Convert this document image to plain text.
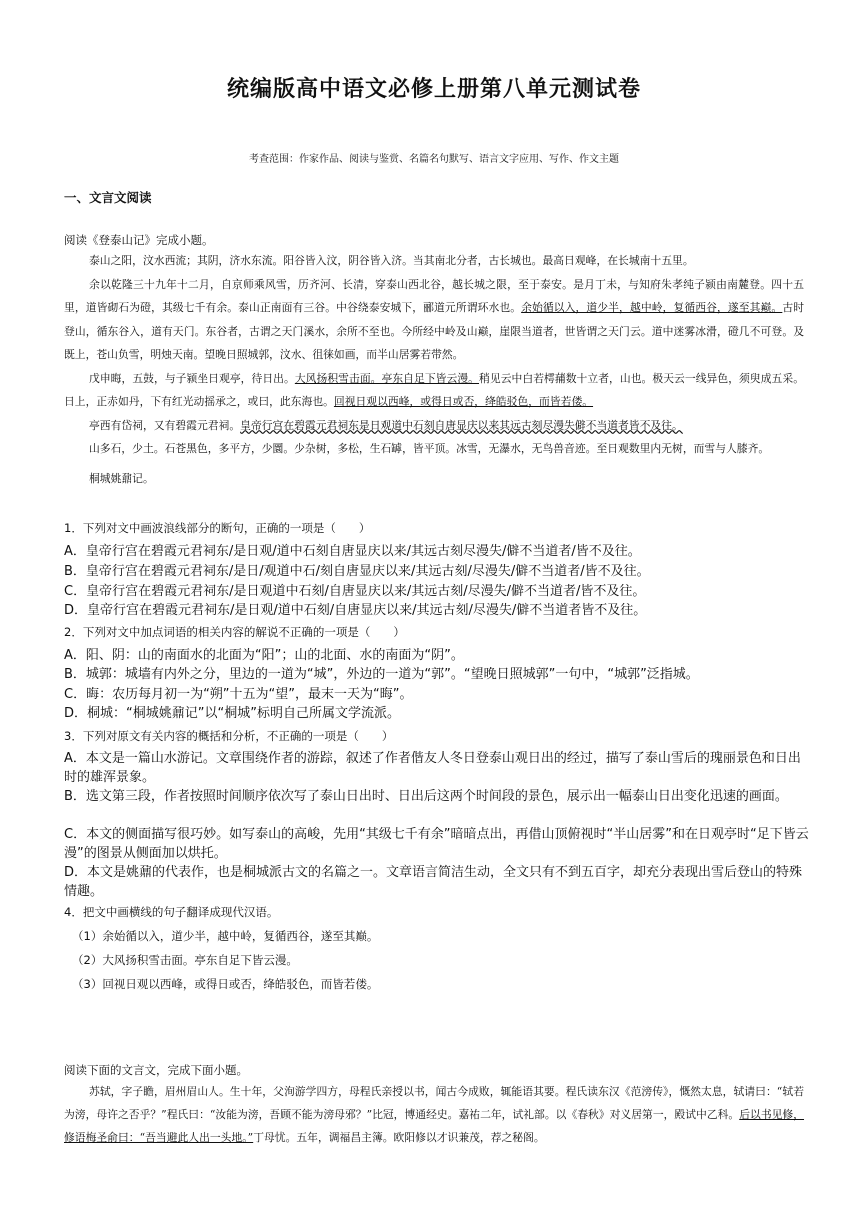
统编版高中语文必修上册第八单元测试卷
考查范围：作家作品、阅读与鉴赏、名篇名句默写、语言文字应用、写作、作文主题
一、文言文阅读
阅读《登泰山记》完成小题。

泰山之阳，汶水西流；其阴，济水东流。阳谷皆入汶，阴谷皆入济。当其南北分者，古长城也。最高日观峰，在长城南十五里。

余以乾隆三十九年十二月，自京师乘风雪，历齐河、长清，穿泰山西北谷，越长城之限，至于泰安。是月丁未，与知府朱孝纯子颍由南麓登。四十五里，道皆砌石为磴，其级七千有余。泰山正南面有三谷。中谷绕泰安城下，郦道元所谓环水也。余始循以入，道少半，越中岭，复循西谷，遂至其巅。古时登山，循东谷入，道有天门。东谷者，古谓之天门溪水，余所不至也。今所经中岭及山巅，崖限当道者，世皆谓之天门云。道中迷雾冰滑，磴几不可登。及既上，苍山负雪，明烛天南。望晚日照城郭，汶水、徂徕如画，而半山居雾若带然。

戊申晦，五鼓，与子颍坐日观亭，待日出。大风扬积雪击面。亭东自足下皆云漫。稍见云中白若樗蒱数十立者，山也。极天云一线异色，须臾成五采。日上，正赤如丹，下有红光动摇承之，或曰，此东海也。回视日观以西峰，或得日或否，绛皓驳色，而皆若偻。

亭西有岱祠，又有碧霞元君祠。皇帝行宫在碧霞元君祠东是日观道中石刻自唐显庆以来其远古刻尽漫失僻不当道者皆不及往。

山多石，少土。石苍黑色，多平方，少圜。少杂树，多松，生石罅，皆平顶。冰雪，无瀑水，无鸟兽音迹。至日观数里内无树，而雪与人膝齐。

桐城姚鼐记。

1．下列对文中画波浪线部分的断句，正确的一项是（　　）
A．皇帝行宫在碧霞元君祠东/是日观/道中石刻自唐显庆以来/其远古刻尽漫失/僻不当道者/皆不及往。
B．皇帝行宫在碧霞元君祠东/是日/观道中石/刻自唐显庆以来/其远古刻/尽漫失/僻不当道者/皆不及往。
C．皇帝行宫在碧霞元君祠东/是日观道中石刻/自唐显庆以来/其远古刻/尽漫失/僻不当道者/皆不及往。
D．皇帝行宫在碧霞元君祠东/是日观/道中石刻/自唐显庆以来/其远古刻/尽漫失/僻不当道者皆不及往。
2．下列对文中加点词语的相关内容的解说不正确的一项是（　　）
A．阳、阴：山的南面水的北面为“阳”；山的北面、水的南面为“阴”。
B．城郭：城墙有内外之分，里边的一道为“城”，外边的一道为“郭”。“望晚日照城郭”一句中，“城郭”泛指城。
C．晦：农历每月初一为“朔”十五为“望”，最末一天为“晦”。
D．桐城：“桐城姚鼐记”以“桐城”标明自己所属文学流派。
3．下列对原文有关内容的概括和分析，不正确的一项是（　　）
A．本文是一篇山水游记。文章围绕作者的游踪，叙述了作者偕友人冬日登泰山观日出的经过，描写了泰山雪后的瑰丽景色和日出时的雄浑景象。
B．选文第三段，作者按照时间顺序依次写了泰山日出时、日出后这两个时间段的景色，展示出一幅泰山日出变化迅速的画面。
C．本文的侧面描写很巧妙。如写泰山的高峻，先用“其级七千有余”暗暗点出，再借山顶俯视时“半山居雾”和在日观亭时“足下皆云漫”的图景从侧面加以烘托。
D．本文是姚鼐的代表作，也是桐城派古文的名篇之一。文章语言简洁生动，全文只有不到五百字，却充分表现出雪后登山的特殊情趣。
4．把文中画横线的句子翻译成现代汉语。
（1）余始循以入，道少半，越中岭，复循西谷，遂至其巅。
（2）大风扬积雪击面。亭东自足下皆云漫。
（3）回视日观以西峰，或得日或否，绛皓驳色，而皆若偻。
阅读下面的文言文，完成下面小题。

苏轼，字子瞻，眉州眉山人。生十年，父洵游学四方，母程氏亲授以书，闻古今成败，辄能语其要。程氏读东汉《范滂传》，慨然太息，轼请曰：“轼若为滂，母许之否乎？”程氏曰：“汝能为滂，吾顾不能为滂母邪？”比冠，博通经史。嘉祐二年，试礼部。以《春秋》对义居第一，殿试中乙科。后以书见修，修语梅圣俞曰：“吾当避此人出一头地。”丁母忧。五年，调福昌主簿。欧阳修以才识兼茂，荐之秘阁。
